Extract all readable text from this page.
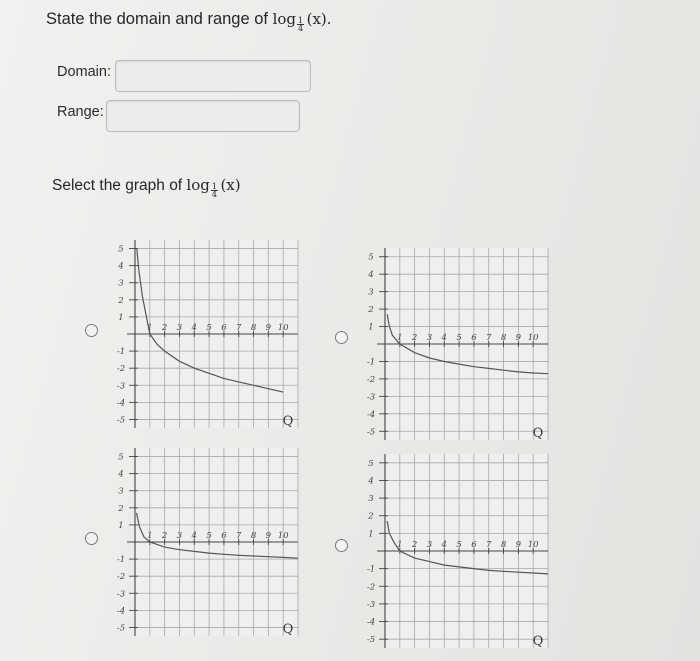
State the domain and range of $\log \frac{1}{4}$
  (x).
Domain:
Range:
Select the graph of $\log \frac{1}{4}$
  (x)
5
4
3
2
1
-1
-2
-3
-4
-5
1 2 3 4 5 6 7 8 9 10
Q
5
4
3
2
1
-1
-2
-3
-4
-5
1 2 3 4 5 6 7 8 9 10
Q
5
4
3
2
1
-1
-2
-3
-4
-5
1 2 3 4 5 6 7 8 9 10
Q
5
4
3
2
1
-1
-2
-3
-4
-5
1 2 3 4 5 6 7 8 9 10
Q
